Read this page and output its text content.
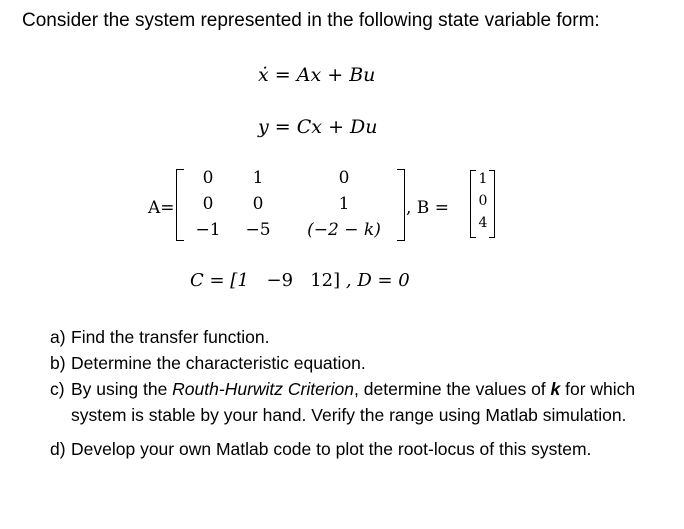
Consider the system represented in the following state variable form:
ẋ = Ax + Bu
y = Cx + Du
A=
0	1	0
0	0	1
−1	−5	(−2 − k)
, B =
1
0
4
C = [1 −9   12] , D = 0
a) Find the transfer function.
b) Determine the characteristic equation.
c) By using the Routh-Hurwitz Criterion, determine the values of k for which system is stable by your hand. Verify the range using Matlab simulation.
d) Develop your own Matlab code to plot the root-locus of this system.
